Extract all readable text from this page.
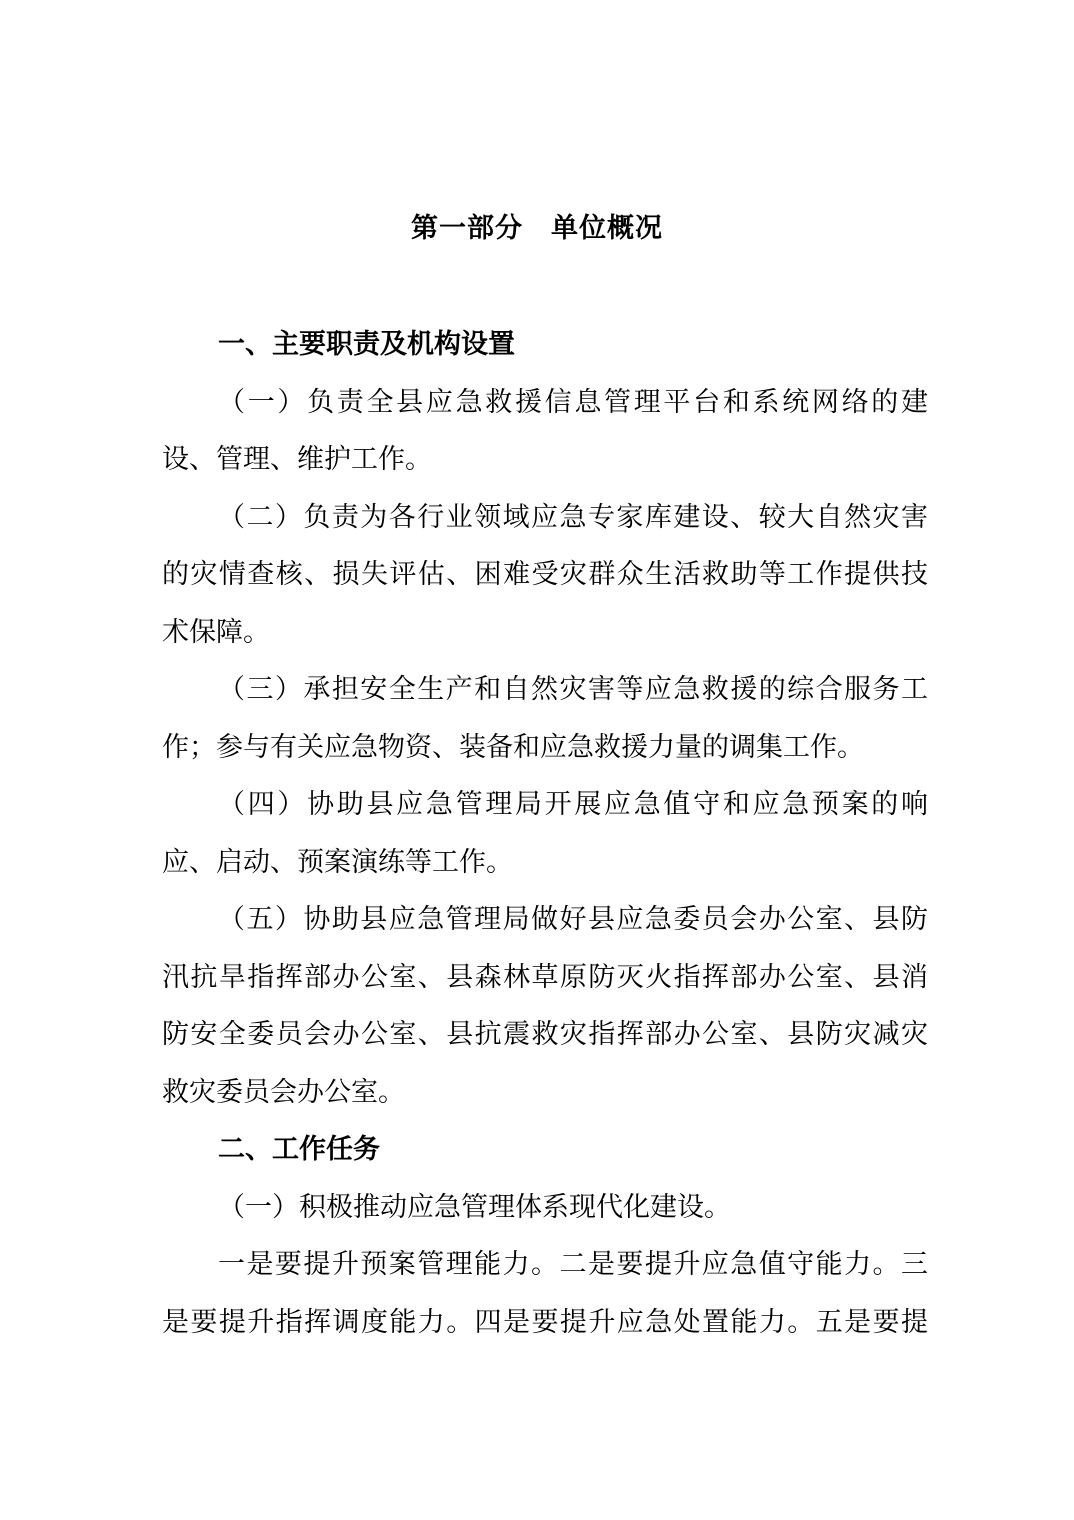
第一部分 单位概况
一、主要职责及机构设置
（一）负责全县应急救援信息管理平台和系统网络的建
设、管理、维护工作。
（二）负责为各行业领域应急专家库建设、较大自然灾害
的灾情查核、损失评估、困难受灾群众生活救助等工作提供技
术保障。
（三）承担安全生产和自然灾害等应急救援的综合服务工
作；参与有关应急物资、装备和应急救援力量的调集工作。
（四）协助县应急管理局开展应急值守和应急预案的响
应、启动、预案演练等工作。
（五）协助县应急管理局做好县应急委员会办公室、县防
汛抗旱指挥部办公室、县森林草原防灭火指挥部办公室、县消
防安全委员会办公室、县抗震救灾指挥部办公室、县防灾减灾
救灾委员会办公室。
二、工作任务
（一）积极推动应急管理体系现代化建设。
一是要提升预案管理能力。二是要提升应急值守能力。三
是要提升指挥调度能力。四是要提升应急处置能力。五是要提
